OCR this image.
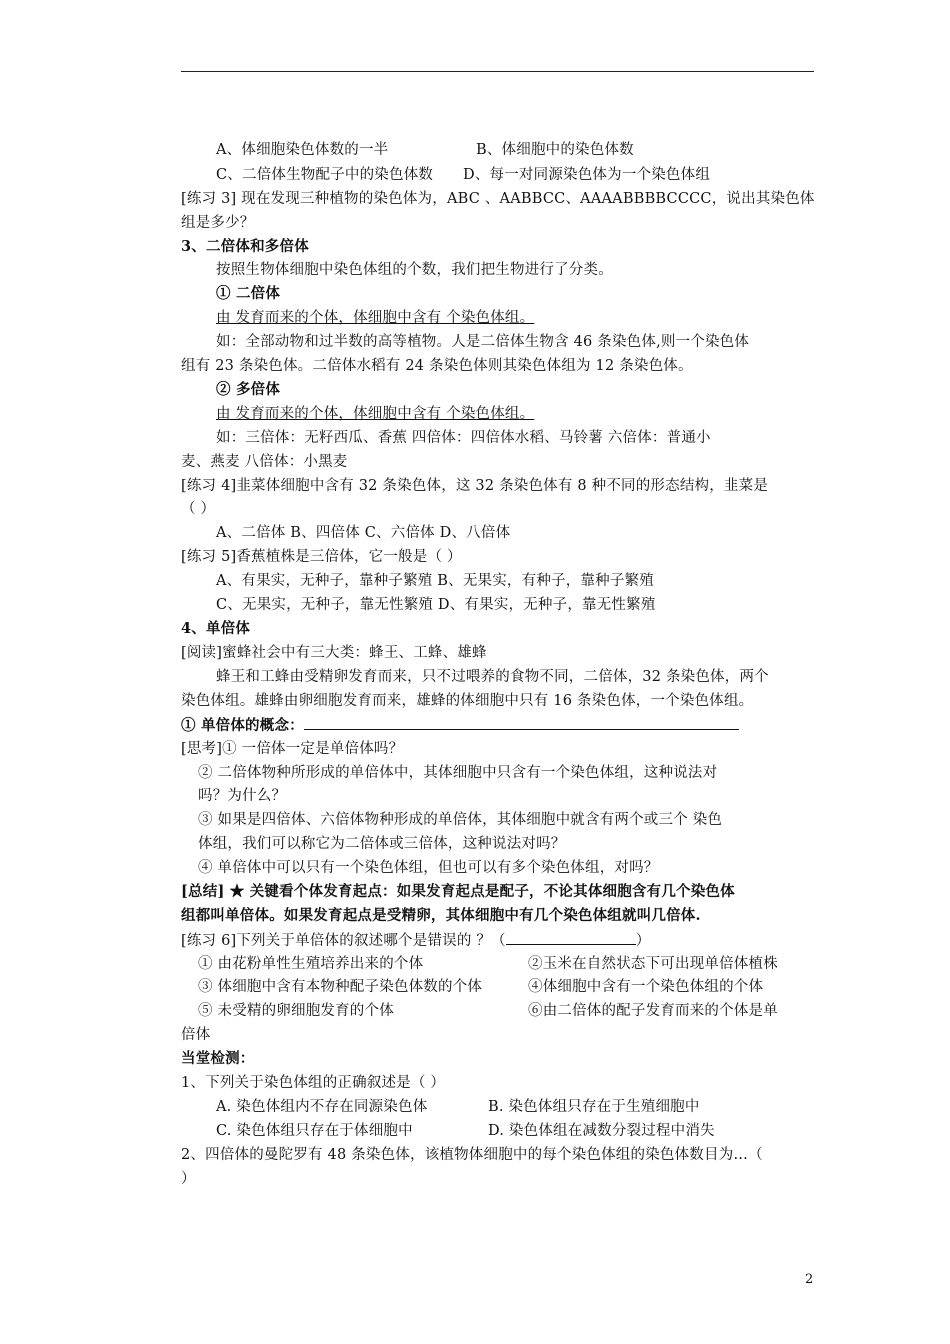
A、体细胞染色体数的一半	B、体细胞中的染色体数
C、二倍体生物配子中的染色体数 D、每一对同源染色体为一个染色体组
[练习 3] 现在发现三种植物的染色体为，ABC 、AABBCC、AAAABBBBCCCC，说出其染色体
组是多少？
3、二倍体和多倍体
按照生物体细胞中染色体组的个数，我们把生物进行了分类。
① 二倍体
由 发育而来的个体，体细胞中含有 个染色体组。
如：全部动物和过半数的高等植物。人是二倍体生物含 46 条染色体,则一个染色体
组有 23 条染色体。二倍体水稻有 24 条染色体则其染色体组为 12 条染色体。
② 多倍体
由 发育而来的个体，体细胞中含有 个染色体组。
如：三倍体：无籽西瓜、香蕉 四倍体：四倍体水稻、马铃薯 六倍体：普通小
麦、燕麦 八倍体：小黑麦
[练习 4]韭菜体细胞中含有 32 条染色体，这 32 条染色体有 8 种不同的形态结构，韭菜是
（ ）
A、二倍体 B、四倍体 C、六倍体 D、八倍体
[练习 5]香蕉植株是三倍体，它一般是（ ）
A、有果实，无种子，靠种子繁殖 B、无果实，有种子，靠种子繁殖
C、无果实，无种子，靠无性繁殖 D、有果实，无种子，靠无性繁殖
4、单倍体
[阅读]蜜蜂社会中有三大类：蜂王、工蜂、雄蜂
蜂王和工蜂由受精卵发育而来，只不过喂养的食物不同，二倍体，32 条染色体，两个
染色体组。雄蜂由卵细胞发育而来，雄蜂的体细胞中只有 16 条染色体，一个染色体组。
① 单倍体的概念：
[思考]① 一倍体一定是单倍体吗？
② 二倍体物种所形成的单倍体中，其体细胞中只含有一个染色体组，这种说法对
吗？为什么？
③ 如果是四倍体、六倍体物种形成的单倍体，其体细胞中就含有两个或三个 染色
体组，我们可以称它为二倍体或三倍体，这种说法对吗？
④ 单倍体中可以只有一个染色体组，但也可以有多个染色体组，对吗？
[总结] ★ 关键看个体发育起点：如果发育起点是配子，不论其体细胞含有几个染色体
组都叫单倍体。如果发育起点是受精卵，其体细胞中有几个染色体组就叫几倍体.
[练习 6]下列关于单倍体的叙述哪个是错误的 ？（	）
① 由花粉单性生殖培养出来的个体	②玉米在自然状态下可出现单倍体植株
③ 体细胞中含有本物种配子染色体数的个体	④体细胞中含有一个染色体组的个体
⑤ 未受精的卵细胞发育的个体	⑥由二倍体的配子发育而来的个体是单
倍体
当堂检测：
1、下列关于染色体组的正确叙述是（ ）
A. 染色体组内不存在同源染色体	B. 染色体组只存在于生殖细胞中
C. 染色体组只存在于体细胞中	D. 染色体组在减数分裂过程中消失
2、四倍体的曼陀罗有 48 条染色体，该植物体细胞中的每个染色体组的染色体数目为…（
）
2
